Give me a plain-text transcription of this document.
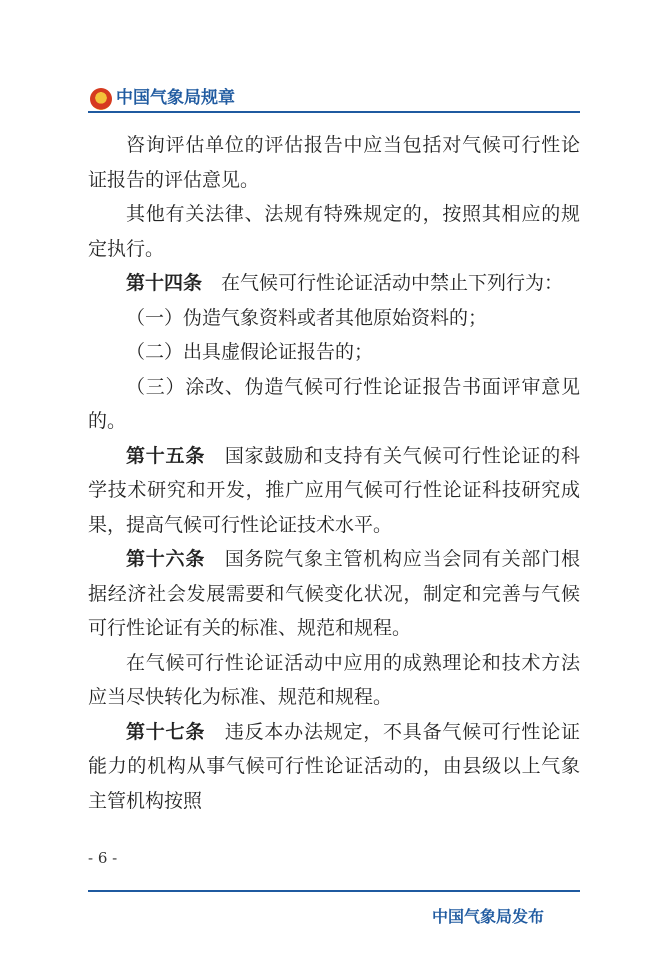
中国气象局规章

咨询评估单位的评估报告中应当包括对气候可行性论证报告的评估意见。

其他有关法律、法规有特殊规定的，按照其相应的规定执行。

第十四条　在气候可行性论证活动中禁止下列行为：

（一）伪造气象资料或者其他原始资料的；

（二）出具虚假论证报告的；

（三）涂改、伪造气候可行性论证报告书面评审意见的。

第十五条　国家鼓励和支持有关气候可行性论证的科学技术研究和开发，推广应用气候可行性论证科技研究成果，提高气候可行性论证技术水平。

第十六条　国务院气象主管机构应当会同有关部门根据经济社会发展需要和气候变化状况，制定和完善与气候可行性论证有关的标准、规范和规程。

在气候可行性论证活动中应用的成熟理论和技术方法应当尽快转化为标准、规范和规程。

第十七条　违反本办法规定，不具备气候可行性论证能力的机构从事气候可行性论证活动的，由县级以上气象主管机构按照

- 6 -
中国气象局发布
